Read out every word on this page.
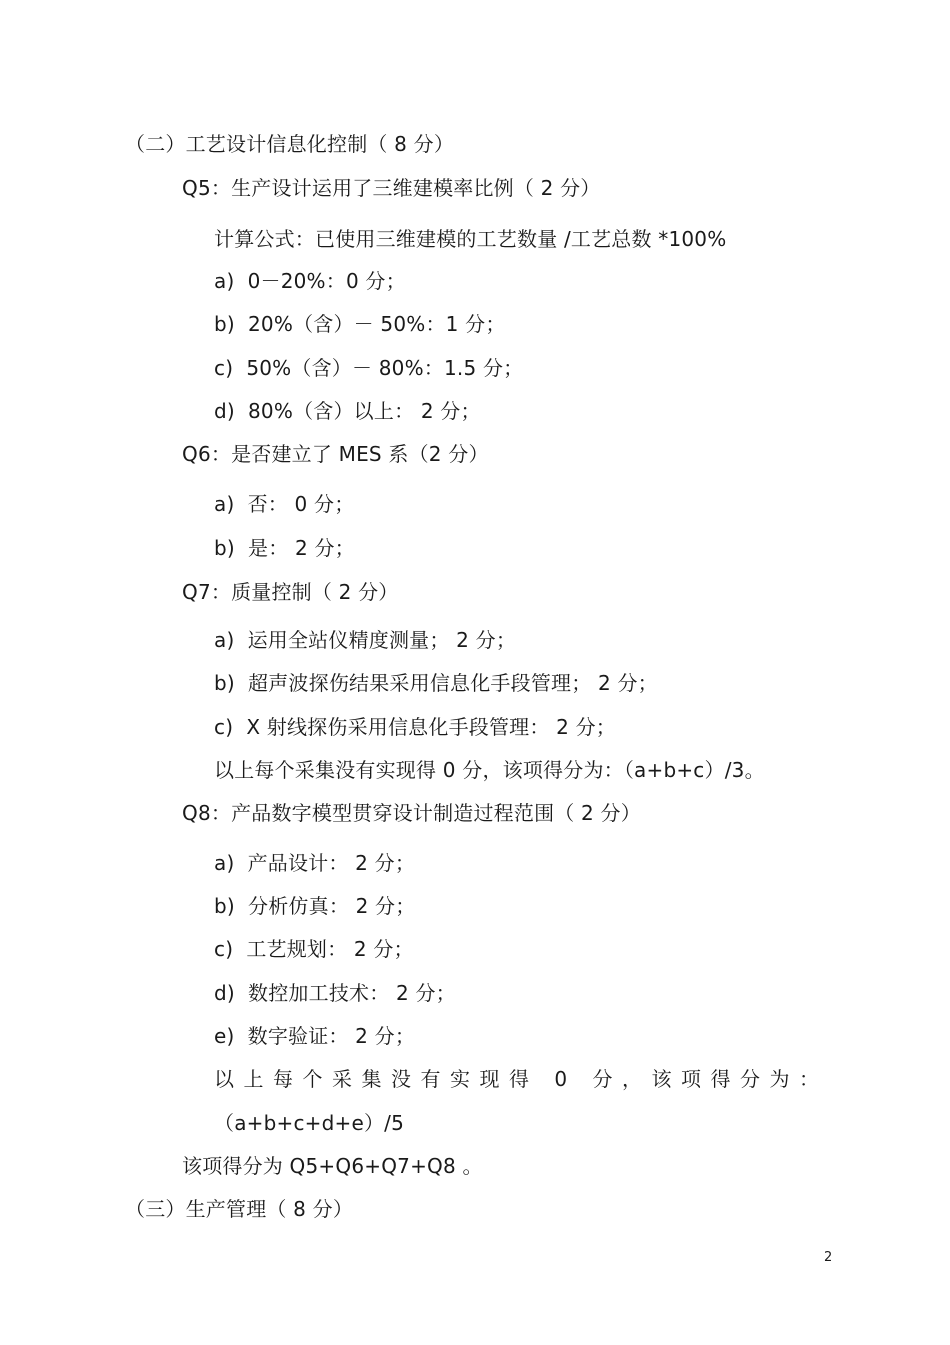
（二）工艺设计信息化控制（ 8 分）
Q5：生产设计运用了三维建模率比例（ 2 分）
计算公式：已使用三维建模的工艺数量 /工艺总数 *100%
a)  0－20%：0 分；
b)  20%（含）－ 50%：1 分；
c)  50%（含）－ 80%：1.5 分；
d)  80%（含）以上： 2 分；
Q6：是否建立了 MES 系（2 分）
a)  否： 0 分；
b)  是： 2 分；
Q7：质量控制（ 2 分）
a)  运用全站仪精度测量； 2 分；
b)  超声波探伤结果采用信息化手段管理； 2 分；
c)  X 射线探伤采用信息化手段管理： 2 分；
以上每个采集没有实现得 0 分，该项得分为：（a+b+c）/3。
Q8：产品数字模型贯穿设计制造过程范围（ 2 分）
a)  产品设计： 2 分；
b)  分析仿真： 2 分；
c)  工艺规划： 2 分；
d)  数控加工技术： 2 分；
e)  数字验证： 2 分；
以上每个采集没有实现得 0 分，该项得分为：
（a+b+c+d+e）/5
该项得分为 Q5+Q6+Q7+Q8 。
（三）生产管理（ 8 分）
2
